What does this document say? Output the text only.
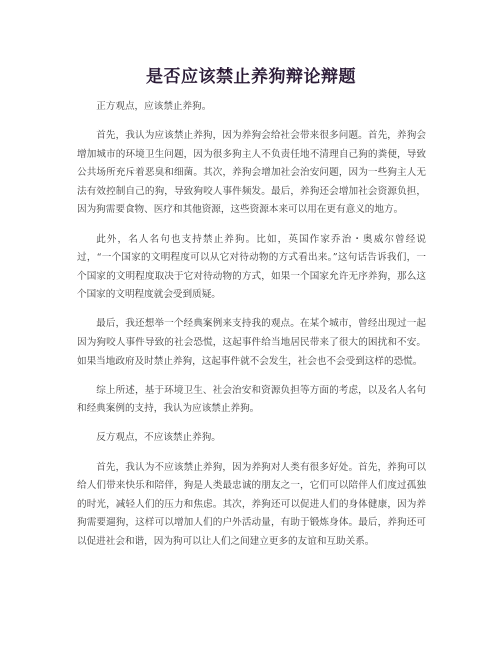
是否应该禁止养狗辩论辩题

正方观点，应该禁止养狗。

首先，我认为应该禁止养狗，因为养狗会给社会带来很多问题。首先，养狗会增加城市的环境卫生问题，因为很多狗主人不负责任地不清理自己狗的粪便，导致公共场所充斥着恶臭和细菌。其次，养狗会增加社会治安问题，因为一些狗主人无法有效控制自己的狗，导致狗咬人事件频发。最后，养狗还会增加社会资源负担，因为狗需要食物、医疗和其他资源，这些资源本来可以用在更有意义的地方。

此外，名人名句也支持禁止养狗。比如，英国作家乔治・奥威尔曾经说过，“一个国家的文明程度可以从它对待动物的方式看出来。”这句话告诉我们，一个国家的文明程度取决于它对待动物的方式，如果一个国家允许无序养狗，那么这个国家的文明程度就会受到质疑。

最后，我还想举一个经典案例来支持我的观点。在某个城市，曾经出现过一起因为狗咬人事件导致的社会恐慌，这起事件给当地居民带来了很大的困扰和不安。如果当地政府及时禁止养狗，这起事件就不会发生，社会也不会受到这样的恐慌。

综上所述，基于环境卫生、社会治安和资源负担等方面的考虑，以及名人名句和经典案例的支持，我认为应该禁止养狗。

反方观点，不应该禁止养狗。

首先，我认为不应该禁止养狗，因为养狗对人类有很多好处。首先，养狗可以给人们带来快乐和陪伴，狗是人类最忠诚的朋友之一，它们可以陪伴人们度过孤独的时光，减轻人们的压力和焦虑。其次，养狗还可以促进人们的身体健康，因为养狗需要遛狗，这样可以增加人们的户外活动量，有助于锻炼身体。最后，养狗还可以促进社会和谐，因为狗可以让人们之间建立更多的友谊和互助关系。
